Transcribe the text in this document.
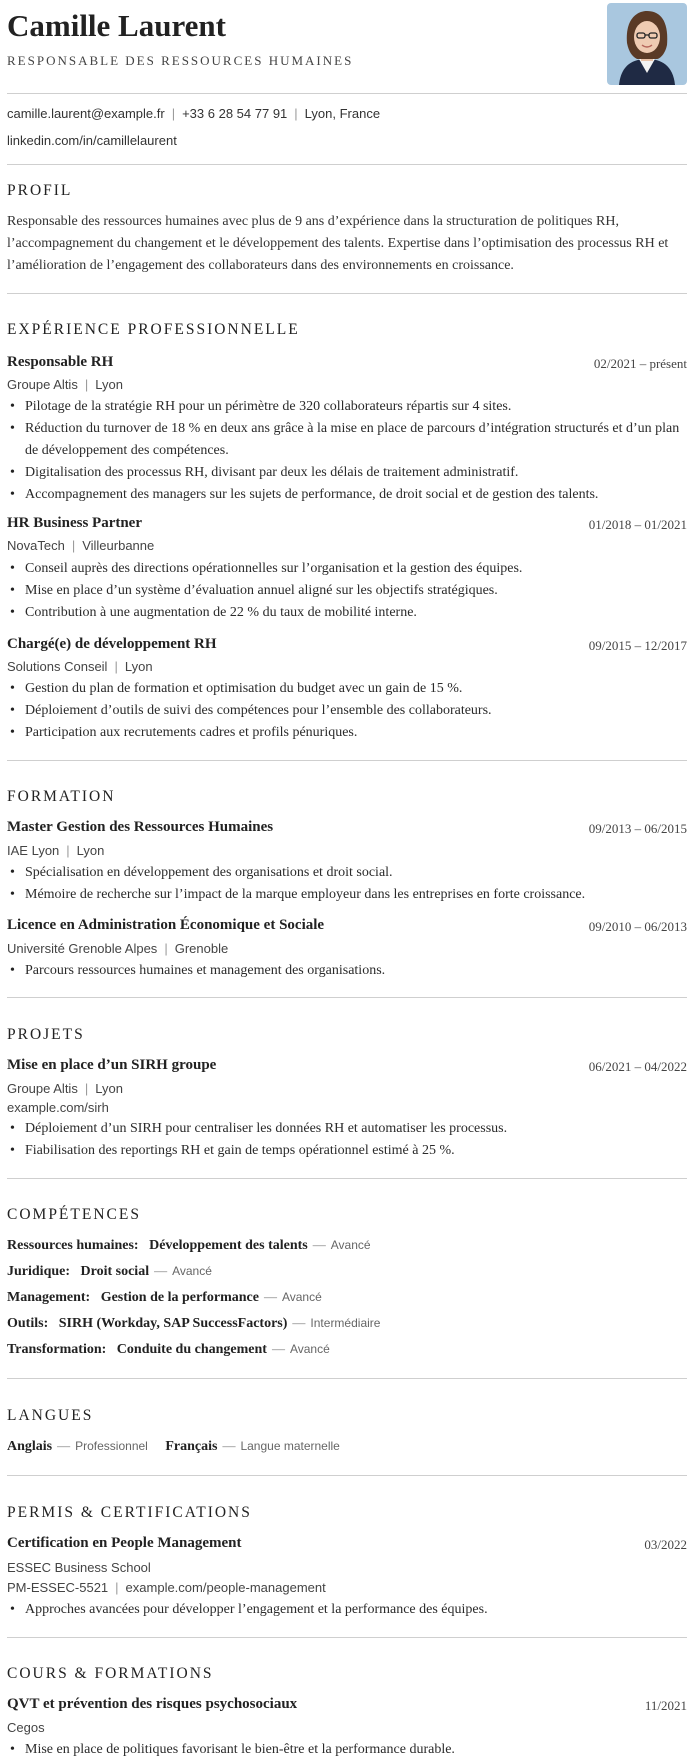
Camille Laurent

RESPONSABLE DES RESSOURCES HUMAINES

camille.laurent@example.fr | +33 6 28 54 77 91 | Lyon, France
linkedin.com/in/camillelaurent
PROFIL

Responsable des ressources humaines avec plus de 9 ans d’expérience dans la structuration de politiques RH, l’accompagnement du changement et le développement des talents. Expertise dans l’optimisation des processus RH et l’amélioration de l’engagement des collaborateurs dans des environnements en croissance.

EXPÉRIENCE PROFESSIONNELLE
Responsable RH	02/2021 – présent
Groupe Altis | Lyon
• Pilotage de la stratégie RH pour un périmètre de 320 collaborateurs répartis sur 4 sites.
• Réduction du turnover de 18 % en deux ans grâce à la mise en place de parcours d’intégration structurés et d’un plan de développement des compétences.
• Digitalisation des processus RH, divisant par deux les délais de traitement administratif.
• Accompagnement des managers sur les sujets de performance, de droit social et de gestion des talents.
HR Business Partner	01/2018 – 01/2021
NovaTech | Villeurbanne
• Conseil auprès des directions opérationnelles sur l’organisation et la gestion des équipes.
• Mise en place d’un système d’évaluation annuel aligné sur les objectifs stratégiques.
• Contribution à une augmentation de 22 % du taux de mobilité interne.
Chargé(e) de développement RH	09/2015 – 12/2017
Solutions Conseil | Lyon
• Gestion du plan de formation et optimisation du budget avec un gain de 15 %.
• Déploiement d’outils de suivi des compétences pour l’ensemble des collaborateurs.
• Participation aux recrutements cadres et profils pénuriques.
FORMATION
Master Gestion des Ressources Humaines	09/2013 – 06/2015
IAE Lyon | Lyon
• Spécialisation en développement des organisations et droit social.
• Mémoire de recherche sur l’impact de la marque employeur dans les entreprises en forte croissance.
Licence en Administration Économique et Sociale	09/2010 – 06/2013
Université Grenoble Alpes | Grenoble
• Parcours ressources humaines et management des organisations.
PROJETS
Mise en place d’un SIRH groupe	06/2021 – 04/2022
Groupe Altis | Lyon
example.com/sirh
• Déploiement d’un SIRH pour centraliser les données RH et automatiser les processus.
• Fiabilisation des reportings RH et gain de temps opérationnel estimé à 25 %.
COMPÉTENCES
Ressources humaines: Développement des talents — Avancé
Juridique: Droit social — Avancé
Management: Gestion de la performance — Avancé
Outils: SIRH (Workday, SAP SuccessFactors) — Intermédiaire
Transformation: Conduite du changement — Avancé
LANGUES
Anglais — Professionnel Français — Langue maternelle
PERMIS & CERTIFICATIONS
Certification en People Management	03/2022
ESSEC Business School
PM-ESSEC-5521 | example.com/people-management
• Approches avancées pour développer l’engagement et la performance des équipes.
COURS & FORMATIONS
QVT et prévention des risques psychosociaux	11/2021
Cegos
• Mise en place de politiques favorisant le bien-être et la performance durable.
